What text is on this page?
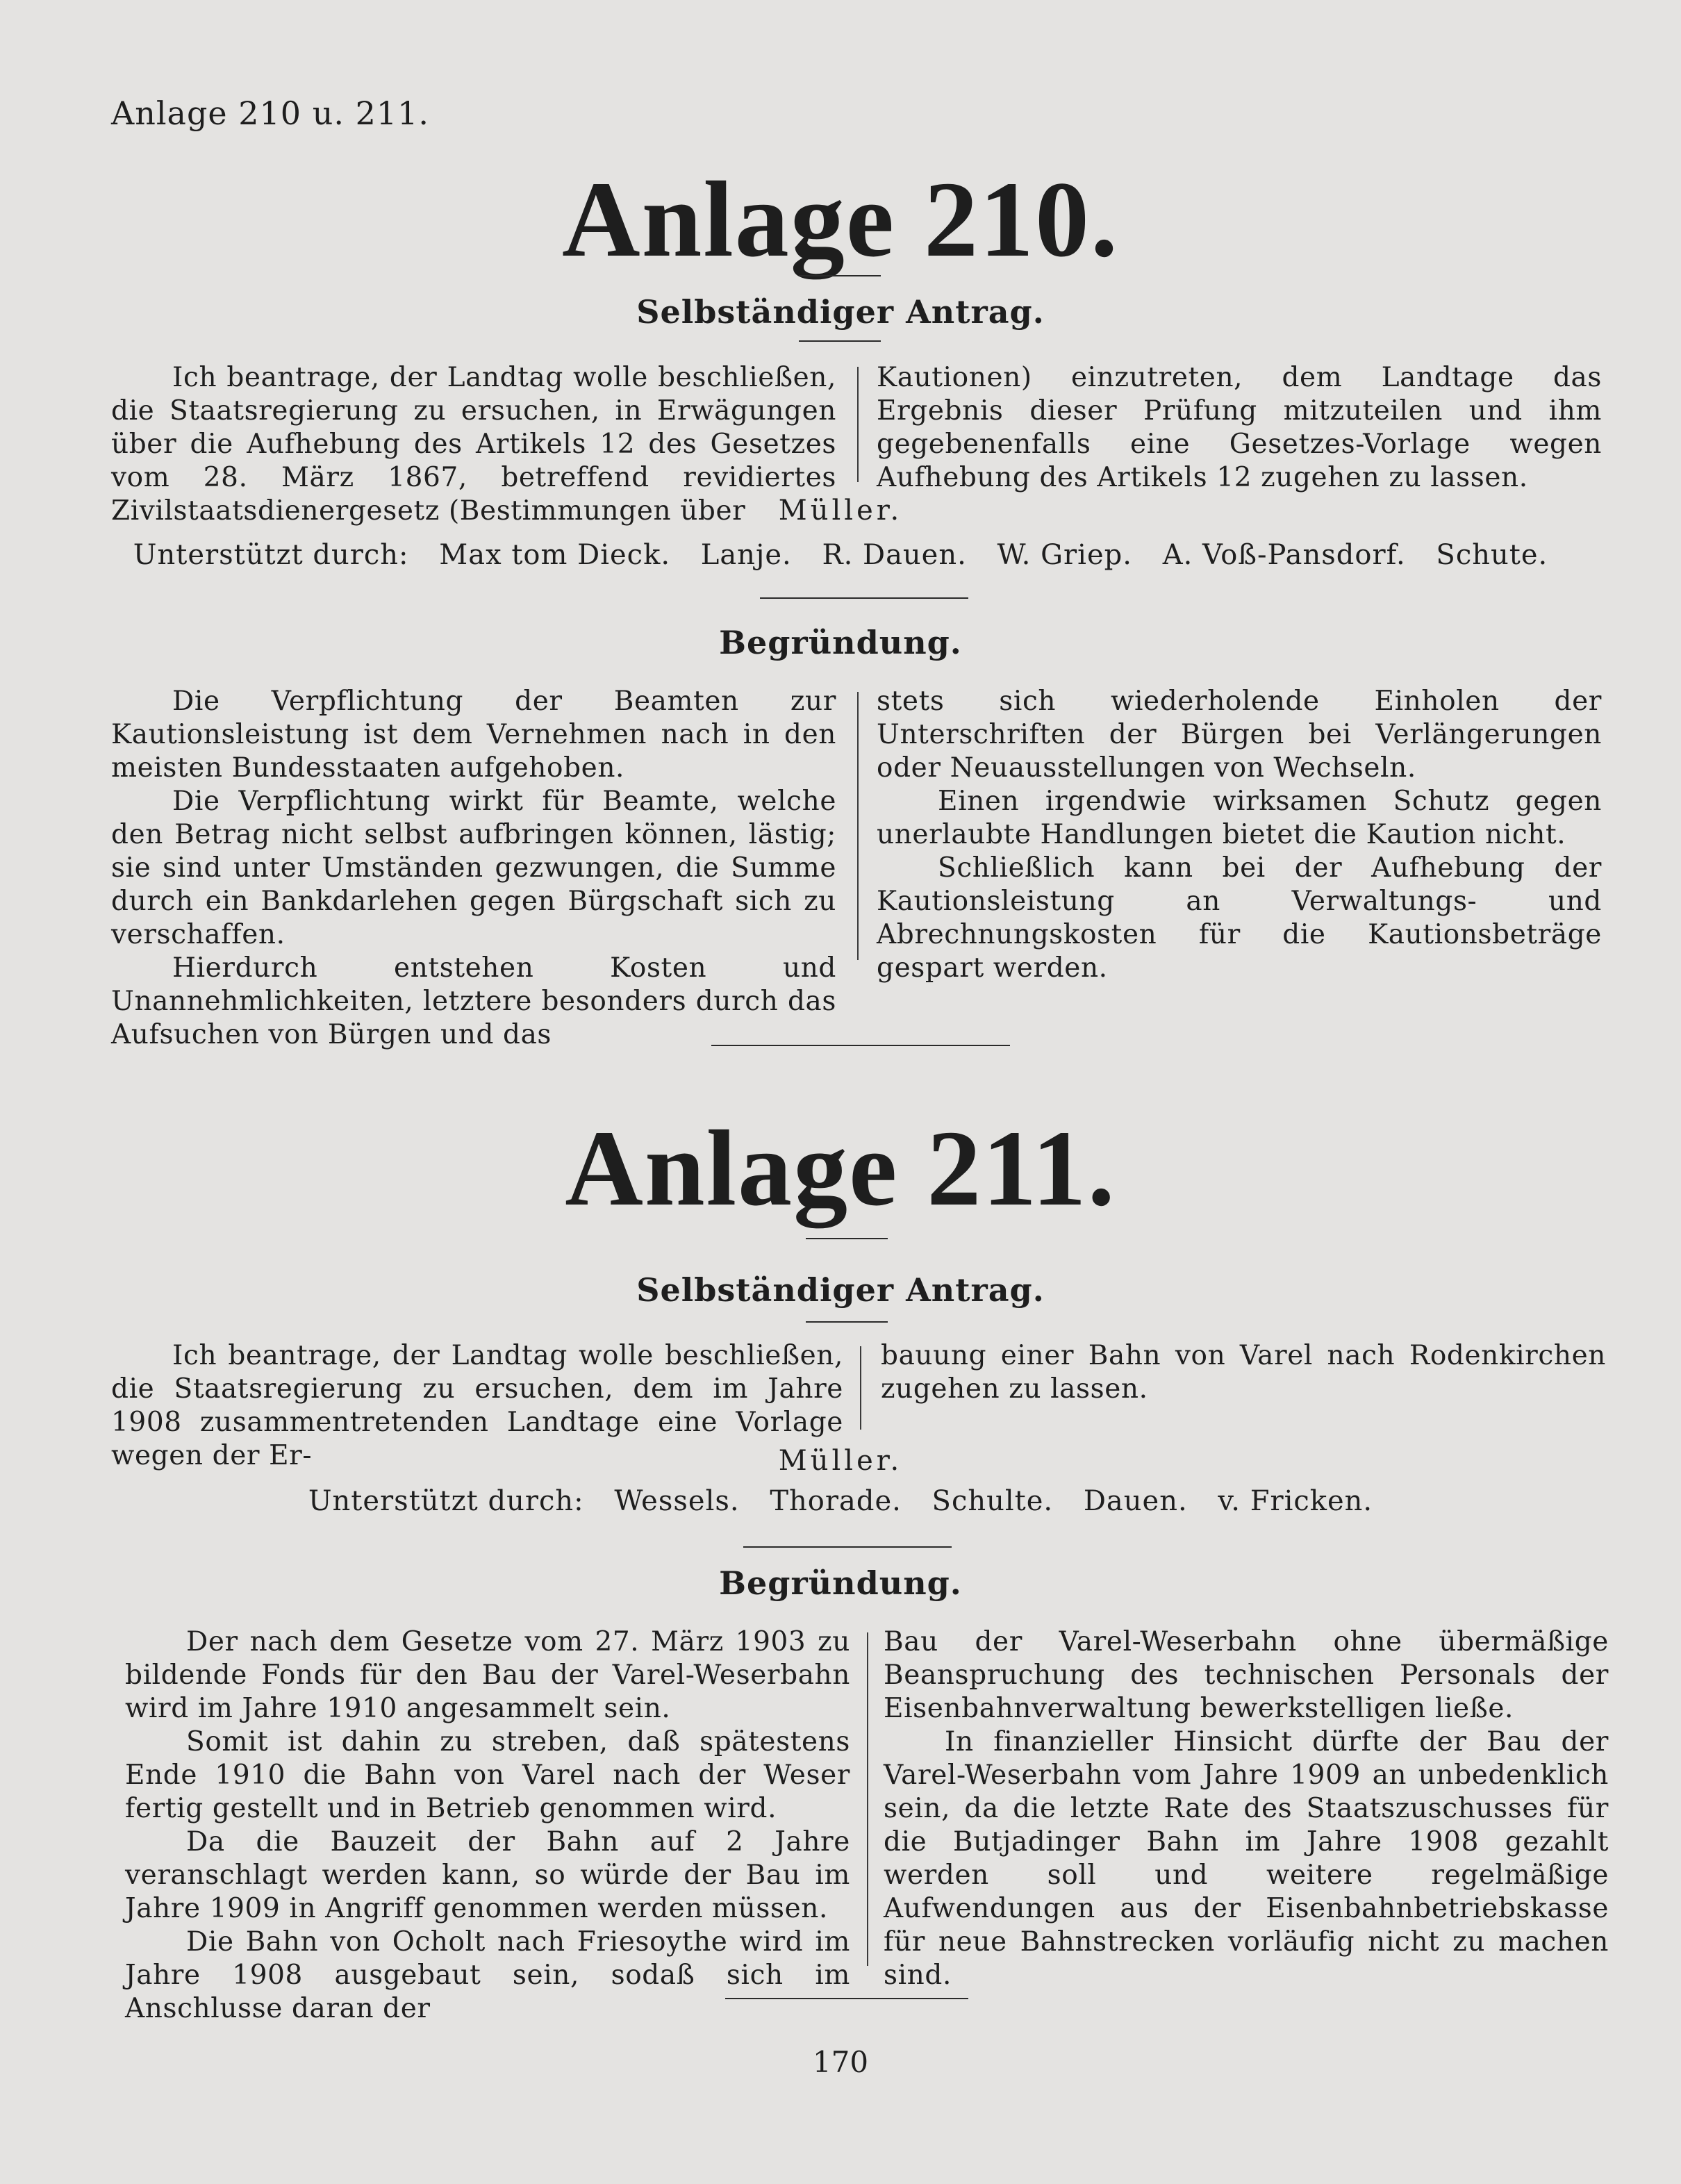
Anlage 210 u. 211.
Anlage 210.
Selbständiger Antrag.

Ich beantrage, der Landtag wolle beschließen, die Staatsregierung zu ersuchen, in Erwägungen über die Aufhebung des Artikels 12 des Gesetzes vom 28. März 1867, betreffend revidiertes Zivilstaatsdienergesetz (Bestimmungen über

Kautionen) einzutreten, dem Landtage das Ergebnis dieser Prüfung mitzuteilen und ihm gegebenenfalls eine Gesetzes-Vorlage wegen Aufhebung des Artikels 12 zugehen zu lassen.

Müller.
Unterstützt durch: Max tom Dieck. Lanje. R. Dauen. W. Griep. A. Voß-Pansdorf. Schute.
Begründung.

Die Verpflichtung der Beamten zur Kautionsleistung ist dem Vernehmen nach in den meisten Bundesstaaten aufgehoben.

Die Verpflichtung wirkt für Beamte, welche den Betrag nicht selbst aufbringen können, lästig; sie sind unter Umständen gezwungen, die Summe durch ein Bankdarlehen gegen Bürgschaft sich zu verschaffen.

Hierdurch entstehen Kosten und Unannehmlichkeiten, letztere besonders durch das Aufsuchen von Bürgen und das

stets sich wiederholende Einholen der Unterschriften der Bürgen bei Verlängerungen oder Neuausstellungen von Wechseln.

Einen irgendwie wirksamen Schutz gegen unerlaubte Handlungen bietet die Kaution nicht.

Schließlich kann bei der Aufhebung der Kautionsleistung an Verwaltungs- und Abrechnungskosten für die Kautionsbeträge gespart werden.

Anlage 211.
Selbständiger Antrag.

Ich beantrage, der Landtag wolle beschließen, die Staatsregierung zu ersuchen, dem im Jahre 1908 zusammentretenden Landtage eine Vorlage wegen der Er-

bauung einer Bahn von Varel nach Rodenkirchen zugehen zu lassen.

Müller.
Unterstützt durch: Wessels. Thorade. Schulte. Dauen. v. Fricken.
Begründung.

Der nach dem Gesetze vom 27. März 1903 zu bildende Fonds für den Bau der Varel-Weserbahn wird im Jahre 1910 angesammelt sein.

Somit ist dahin zu streben, daß spätestens Ende 1910 die Bahn von Varel nach der Weser fertig gestellt und in Betrieb genommen wird.

Da die Bauzeit der Bahn auf 2 Jahre veranschlagt werden kann, so würde der Bau im Jahre 1909 in Angriff genommen werden müssen.

Die Bahn von Ocholt nach Friesoythe wird im Jahre 1908 ausgebaut sein, sodaß sich im Anschlusse daran der

Bau der Varel-Weserbahn ohne übermäßige Beanspruchung des technischen Personals der Eisenbahnverwaltung bewerkstelligen ließe.

In finanzieller Hinsicht dürfte der Bau der Varel-Weserbahn vom Jahre 1909 an unbedenklich sein, da die letzte Rate des Staatszuschusses für die Butjadinger Bahn im Jahre 1908 gezahlt werden soll und weitere regelmäßige Aufwendungen aus der Eisenbahnbetriebskasse für neue Bahnstrecken vorläufig nicht zu machen sind.

170
